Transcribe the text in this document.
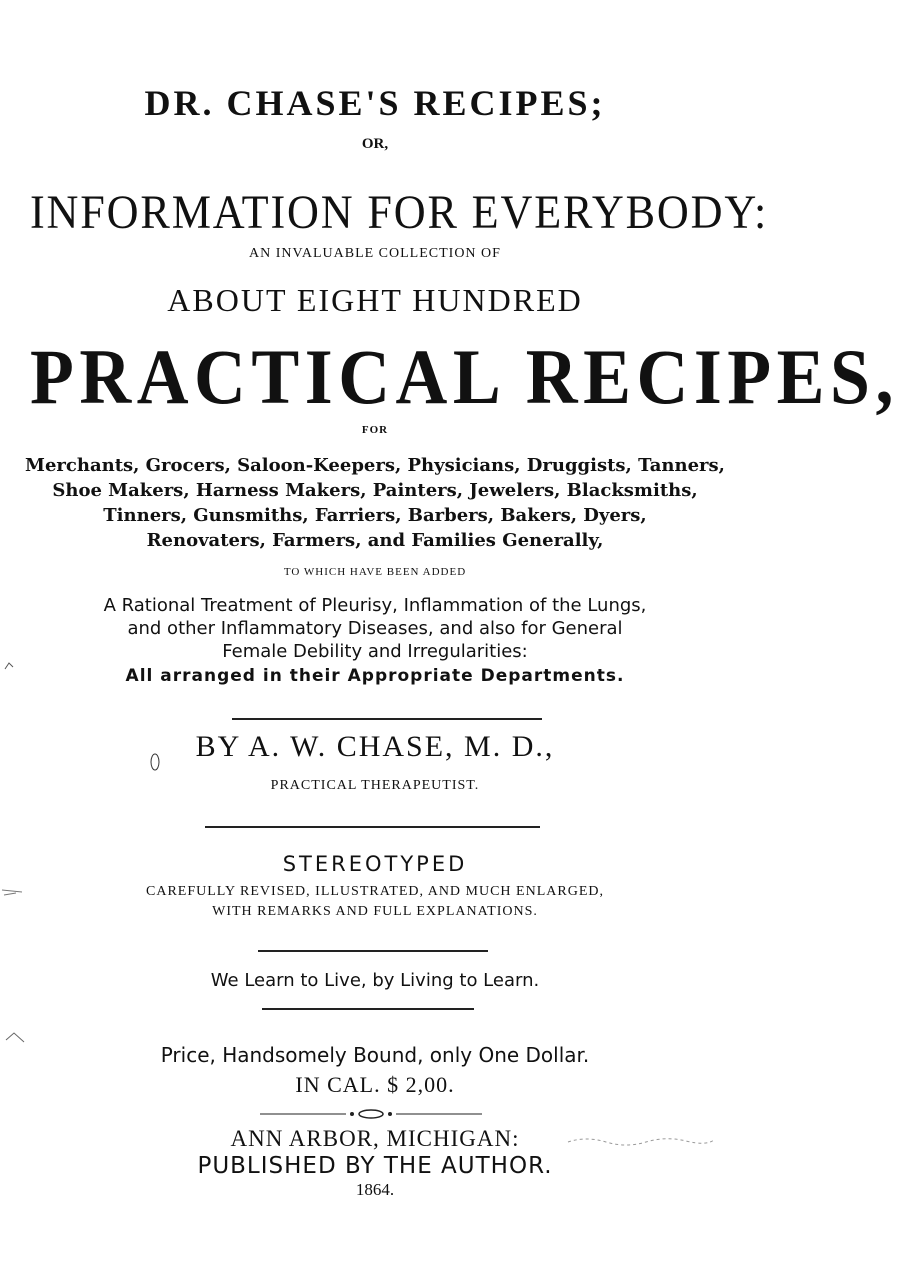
DR. CHASE'S RECIPES;
OR,
INFORMATION FOR EVERYBODY:
AN INVALUABLE COLLECTION OF
ABOUT EIGHT HUNDRED
PRACTICAL RECIPES,
FOR
Merchants, Grocers, Saloon-Keepers, Physicians, Druggists, Tanners,
Shoe Makers, Harness Makers, Painters, Jewelers, Blacksmiths,
Tinners, Gunsmiths, Farriers, Barbers, Bakers, Dyers,
Renovaters, Farmers, and Families Generally,
TO WHICH HAVE BEEN ADDED
A Rational Treatment of Pleurisy, Inflammation of the Lungs,
and other Inflammatory Diseases, and also for General
Female Debility and Irregularities:
All arranged in their Appropriate Departments.
BY A. W. CHASE, M. D.,
PRACTICAL THERAPEUTIST.
STEREOTYPED
CAREFULLY REVISED, ILLUSTRATED, AND MUCH ENLARGED,
WITH REMARKS AND FULL EXPLANATIONS.
We Learn to Live, by Living to Learn.
Price, Handsomely Bound, only One Dollar.
IN CAL. $ 2,00.
ANN ARBOR, MICHIGAN:
PUBLISHED BY THE AUTHOR.
1864.
